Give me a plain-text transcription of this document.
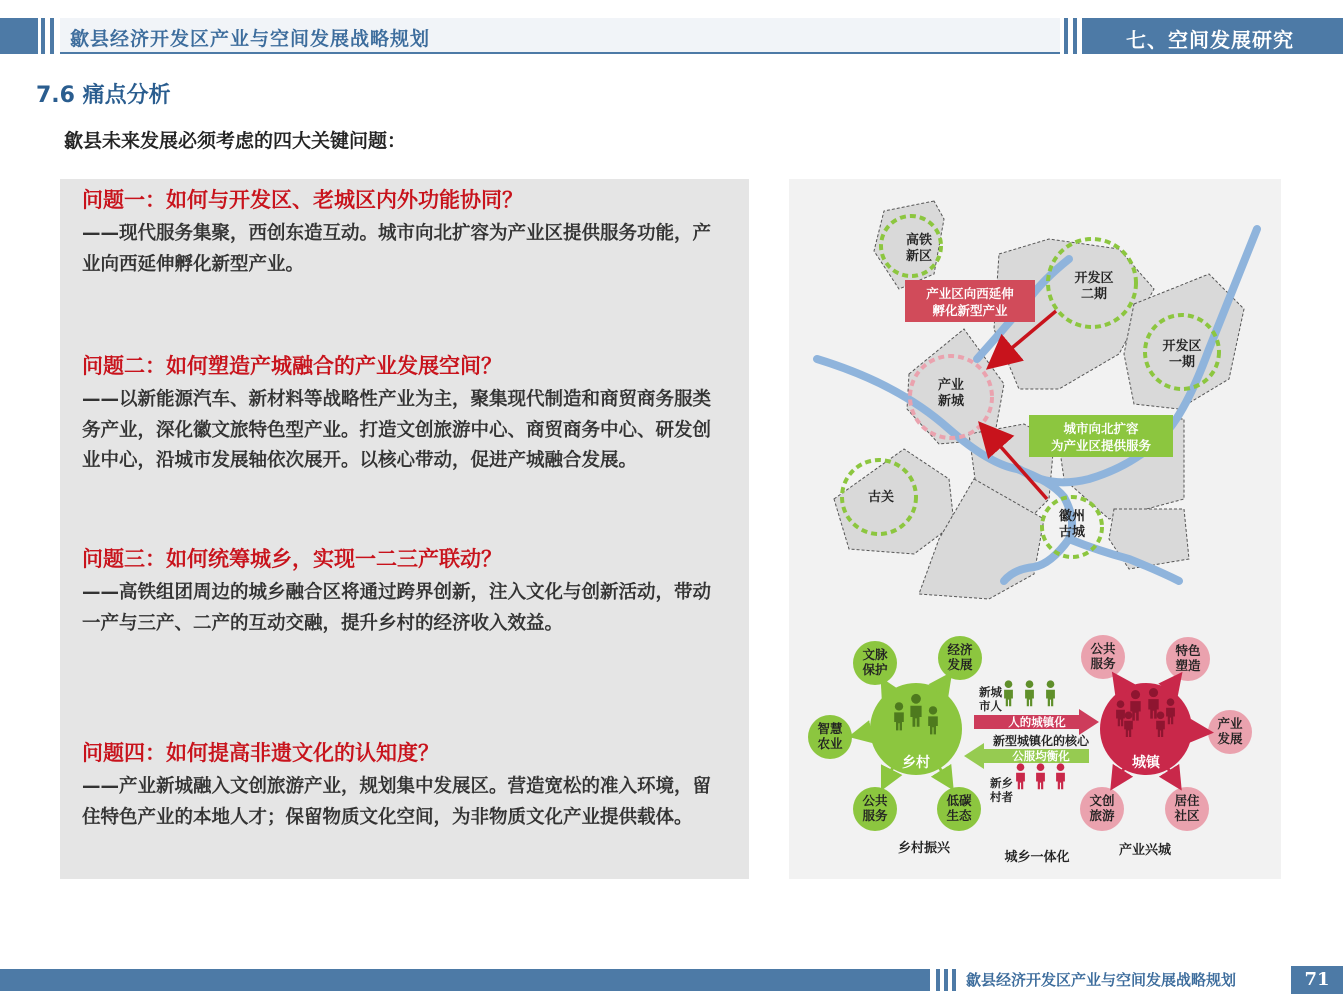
歙县经济开发区产业与空间发展战略规划	七、空间发展研究
7.6 痛点分析
歙县未来发展必须考虑的四大关键问题：
问题一：如何与开发区、老城区内外功能协同？
——现代服务集聚，西创东造互动。城市向北扩容为产业区提供服务功能，产业向西延伸孵化新型产业。
问题二：如何塑造产城融合的产业发展空间？
——以新能源汽车、新材料等战略性产业为主，聚集现代制造和商贸商务服类务产业，深化徽文旅特色型产业。打造文创旅游中心、商贸商务中心、研发创业中心，沿城市发展轴依次展开。以核心带动，促进产城融合发展。
问题三：如何统筹城乡，实现一二三产联动？
——高铁组团周边的城乡融合区将通过跨界创新，注入文化与创新活动，带动一产与三产、二产的互动交融，提升乡村的经济收入效益。
问题四：如何提高非遗文化的认知度？
——产业新城融入文创旅游产业，规划集中发展区。营造宽松的准入环境，留住特色产业的本地人才；保留物质文化空间，为非物质文化产业提供载体。
高铁
新区
开发区
二期
开发区
一期
产业
新城
古关
徽州
古城
产业区向西延伸
孵化新型产业
城市向北扩容
为产业区提供服务
乡村	城镇
文脉
保护
经济
发展
智慧
农业
公共
服务
低碳
生态
公共
服务
特色
塑造
产业
发展
文创
旅游
居住
社区
新城
市人
新乡
村者
人的城镇化
新型城镇化的核心
公服均衡化
乡村振兴
城乡一体化	产业兴城
歙县经济开发区产业与空间发展战略规划	71
